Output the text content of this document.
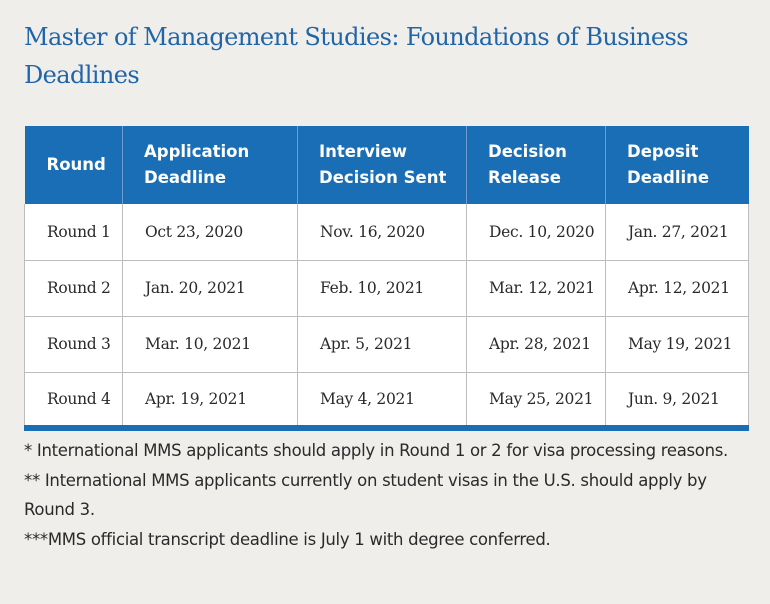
Master of Management Studies: Foundations of Business Deadlines
Round	Application Deadline	Interview Decision Sent	Decision Release	Deposit Deadline
Round 1	Oct 23, 2020	Nov. 16, 2020	Dec. 10, 2020	Jan. 27, 2021
Round 2	Jan. 20, 2021	Feb. 10, 2021	Mar. 12, 2021	Apr. 12, 2021
Round 3	Mar. 10, 2021	Apr. 5, 2021	Apr. 28, 2021	May 19, 2021
Round 4	Apr. 19, 2021	May 4, 2021	May 25, 2021	Jun. 9, 2021

* International MMS applicants should apply in Round 1 or 2 for visa processing reasons.

** International MMS applicants currently on student visas in the U.S. should apply by Round 3.

***MMS official transcript deadline is July 1 with degree conferred.
